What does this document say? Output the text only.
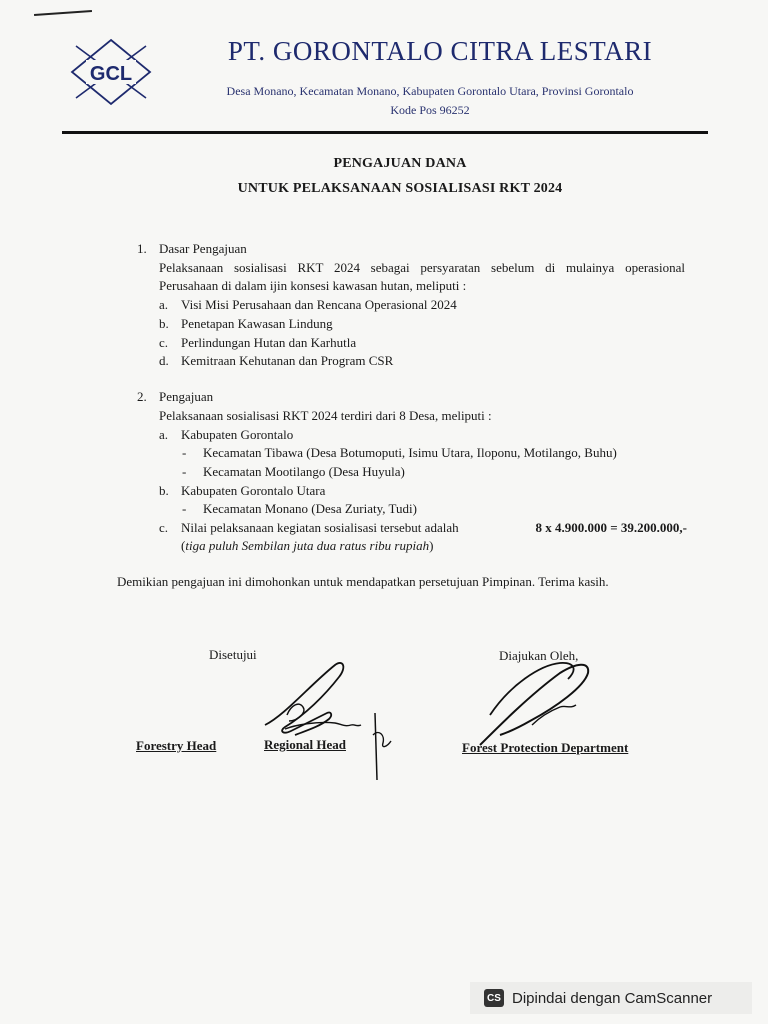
GCL
PT. GORONTALO CITRA LESTARI
Desa Monano, Kecamatan Monano, Kabupaten Gorontalo Utara, Provinsi Gorontalo
Kode Pos 96252
PENGAJUAN DANA
UNTUK PELAKSANAAN SOSIALISASI RKT 2024
1. Dasar Pengajuan
Pelaksanaan sosialisasi RKT 2024 sebagai persyaratan sebelum di mulainya operasional
Perusahaan di dalam ijin konsesi kawasan hutan, meliputi :
a. Visi Misi Perusahaan dan Rencana Operasional 2024
b. Penetapan Kawasan Lindung
c. Perlindungan Hutan dan Karhutla
d. Kemitraan Kehutanan dan Program CSR
2. Pengajuan
Pelaksanaan sosialisasi RKT 2024 terdiri dari 8 Desa, meliputi :
a. Kabupaten Gorontalo
- Kecamatan Tibawa (Desa Botumoputi, Isimu Utara, Iloponu, Motilango, Buhu)
- Kecamatan Mootilango (Desa Huyula)
b. Kabupaten Gorontalo Utara
- Kecamatan Monano (Desa Zuriaty, Tudi)
c. Nilai pelaksanaan kegiatan sosialisasi tersebut adalah	8 x 4.900.000 = 39.200.000,-
(tiga puluh Sembilan juta dua ratus ribu rupiah)
Demikian pengajuan ini dimohonkan untuk mendapatkan persetujuan Pimpinan. Terima kasih.
Disetujui	Diajukan Oleh,
Forestry Head	Regional Head	Forest Protection Department
CS Dipindai dengan CamScanner
